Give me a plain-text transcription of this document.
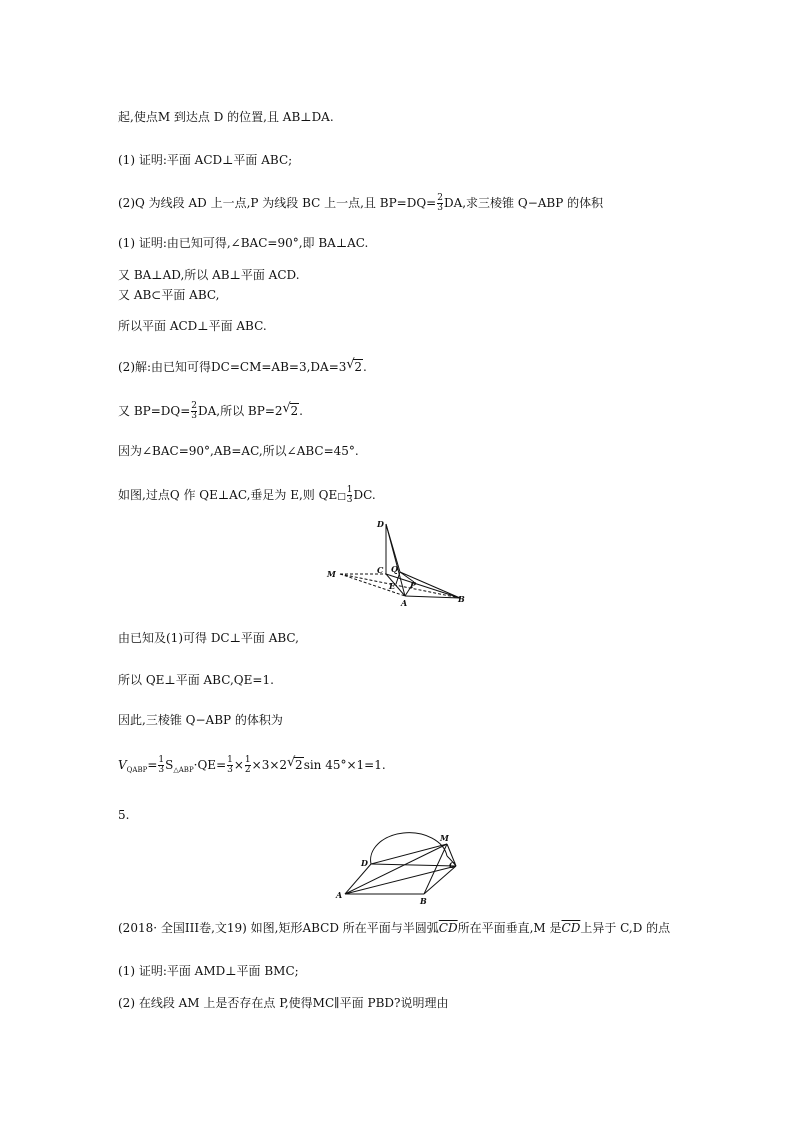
起,使点M 到达点 D 的位置,且 AB⊥DA.
(1) 证明:平面 ACD⊥平面 ABC;
(2)Q 为线段 AD 上一点,P 为线段 BC 上一点,且 $BP=DQ= \frac{2}{3}$ DA,求三棱锥 Q−ABP 的体积
(1) 证明:由已知可得,∠BAC=90°,即 BA⊥AC.
又 BA⊥AD,所以 AB⊥平面 ACD.
又 AB⊂平面 ABC,
所以平面 ACD⊥平面 ABC.
(2)解:由已知可得DC=CM=AB=3,DA=3 √ 2.
又 $BP=DQ= \frac{2}{3}$ DA,所以 BP=2 √ 2.
因为∠BAC=90°,AB=AC,所以∠ABC=45°.
如图,过点Q 作 QE⊥AC,垂足为 E,则 QE□ $\frac{1}{3}$ DC.
D
C Q
M
E P
A	B
由已知及(1)可得 DC⊥平面 ABC,
所以 QE⊥平面 ABC,QE=1.
因此,三棱锥 Q−ABP 的体积为
$V_{QABP}= \frac{1}{3} S_{\triangle ABP}\cdot QE= \frac{1}{3} \times \frac{1}{2} \times 3\times 2$ √ 2sin 45°×1=1.
5.
M
D	C
A
B
(2018· 全国III卷,文19) 如图,矩形ABCD 所在平面与半圆弧$\overline{CD}$所在平面垂直,M 是$\overline{CD}$上异于 C,D 的点
(1) 证明:平面 AMD⊥平面 BMC;
(2) 在线段 AM 上是否存在点 P,使得MC∥平面 PBD?说明理由
